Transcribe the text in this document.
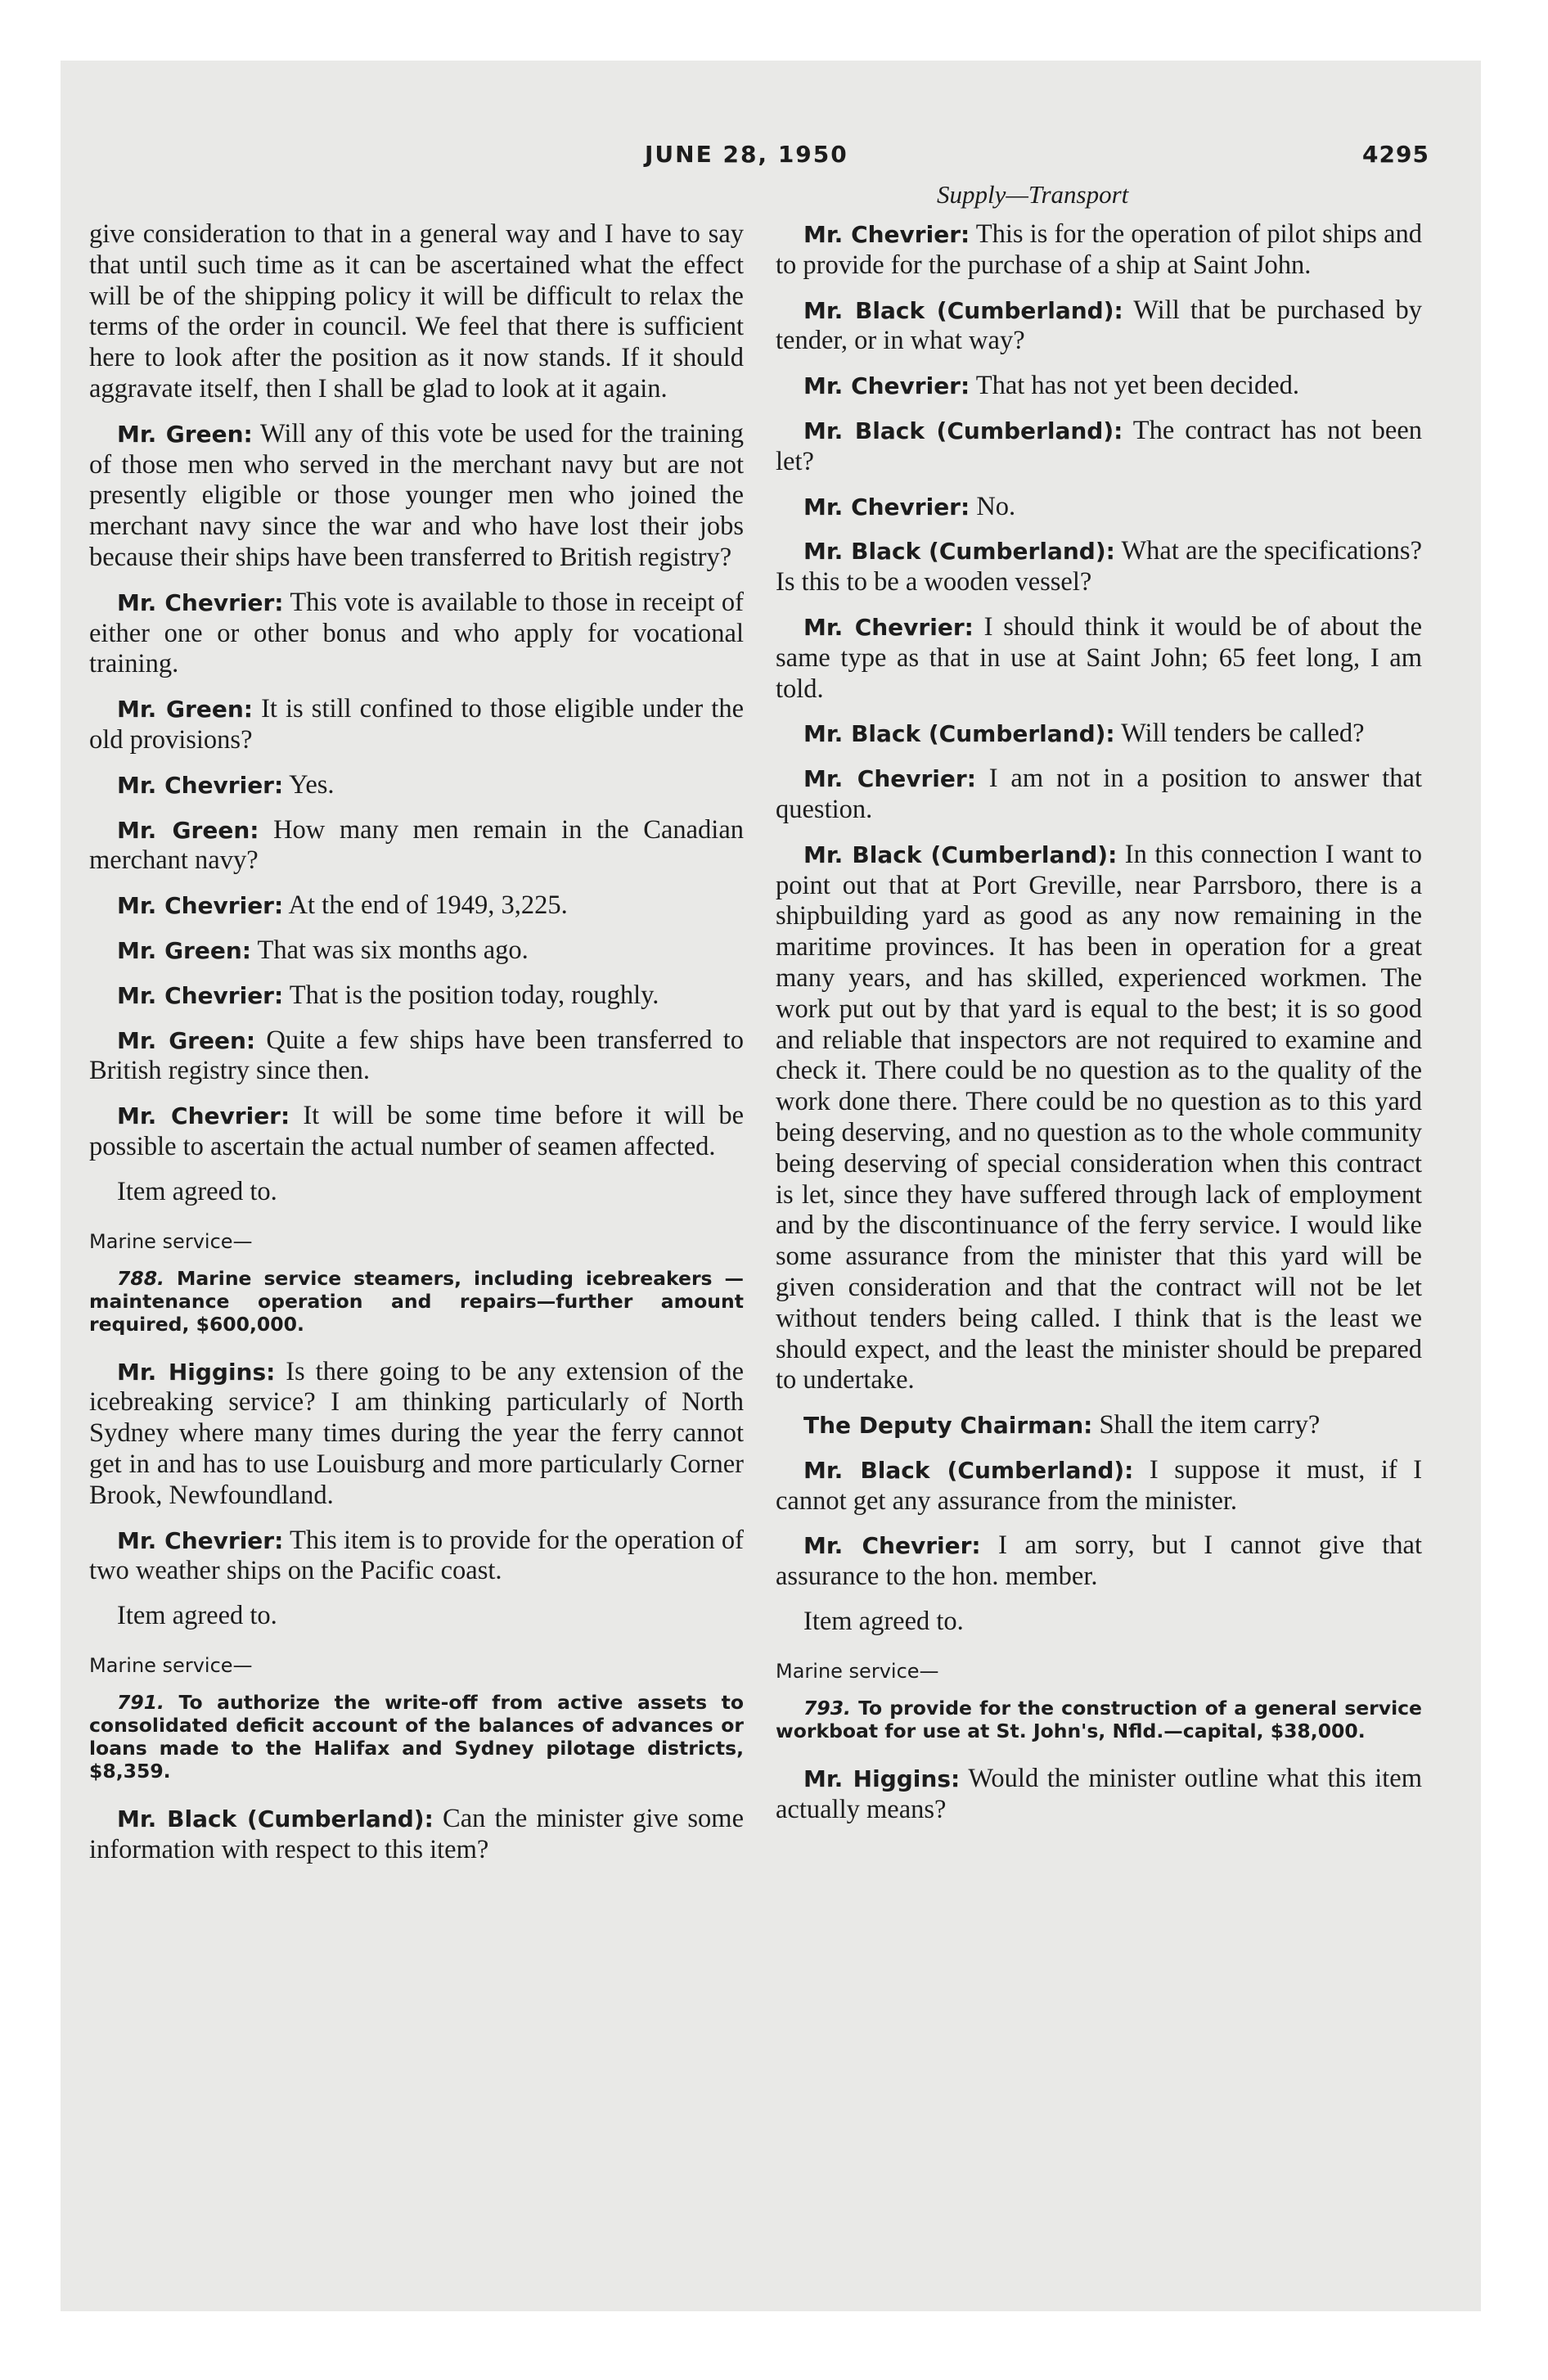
JUNE 28, 1950	4295
Supply—Transport

give consideration to that in a general way and I have to say that until such time as it can be ascertained what the effect will be of the shipping policy it will be difficult to relax the terms of the order in council. We feel that there is sufficient here to look after the position as it now stands. If it should aggravate itself, then I shall be glad to look at it again.

Mr. Green: Will any of this vote be used for the training of those men who served in the merchant navy but are not presently eligible or those younger men who joined the merchant navy since the war and who have lost their jobs because their ships have been transferred to British registry?

Mr. Chevrier: This vote is available to those in receipt of either one or other bonus and who apply for vocational training.

Mr. Green: It is still confined to those eligible under the old provisions?

Mr. Chevrier: Yes.

Mr. Green: How many men remain in the Canadian merchant navy?

Mr. Chevrier: At the end of 1949, 3,225.

Mr. Green: That was six months ago.

Mr. Chevrier: That is the position today, roughly.

Mr. Green: Quite a few ships have been transferred to British registry since then.

Mr. Chevrier: It will be some time before it will be possible to ascertain the actual number of seamen affected.

Item agreed to.

Marine service—
788. Marine service steamers, including icebreakers —maintenance operation and repairs—further amount required, $600,000.

Mr. Higgins: Is there going to be any extension of the icebreaking service? I am thinking particularly of North Sydney where many times during the year the ferry cannot get in and has to use Louisburg and more particularly Corner Brook, Newfoundland.

Mr. Chevrier: This item is to provide for the operation of two weather ships on the Pacific coast.

Item agreed to.

Marine service—
791. To authorize the write-off from active assets to consolidated deficit account of the balances of advances or loans made to the Halifax and Sydney pilotage districts, $8,359.

Mr. Black (Cumberland): Can the minister give some information with respect to this item?

Mr. Chevrier: This is for the operation of pilot ships and to provide for the purchase of a ship at Saint John.

Mr. Black (Cumberland): Will that be purchased by tender, or in what way?

Mr. Chevrier: That has not yet been decided.

Mr. Black (Cumberland): The contract has not been let?

Mr. Chevrier: No.

Mr. Black (Cumberland): What are the specifications? Is this to be a wooden vessel?

Mr. Chevrier: I should think it would be of about the same type as that in use at Saint John; 65 feet long, I am told.

Mr. Black (Cumberland): Will tenders be called?

Mr. Chevrier: I am not in a position to answer that question.

Mr. Black (Cumberland): In this connection I want to point out that at Port Greville, near Parrsboro, there is a shipbuilding yard as good as any now remaining in the maritime provinces. It has been in operation for a great many years, and has skilled, experienced workmen. The work put out by that yard is equal to the best; it is so good and reliable that inspectors are not required to examine and check it. There could be no question as to the quality of the work done there. There could be no question as to this yard being deserving, and no question as to the whole community being deserving of special consideration when this contract is let, since they have suffered through lack of employment and by the discontinuance of the ferry service. I would like some assurance from the minister that this yard will be given consideration and that the contract will not be let without tenders being called. I think that is the least we should expect, and the least the minister should be prepared to undertake.

The Deputy Chairman: Shall the item carry?

Mr. Black (Cumberland): I suppose it must, if I cannot get any assurance from the minister.

Mr. Chevrier: I am sorry, but I cannot give that assurance to the hon. member.

Item agreed to.

Marine service—
793. To provide for the construction of a general service workboat for use at St. John's, Nfld.—capital, $38,000.

Mr. Higgins: Would the minister outline what this item actually means?
